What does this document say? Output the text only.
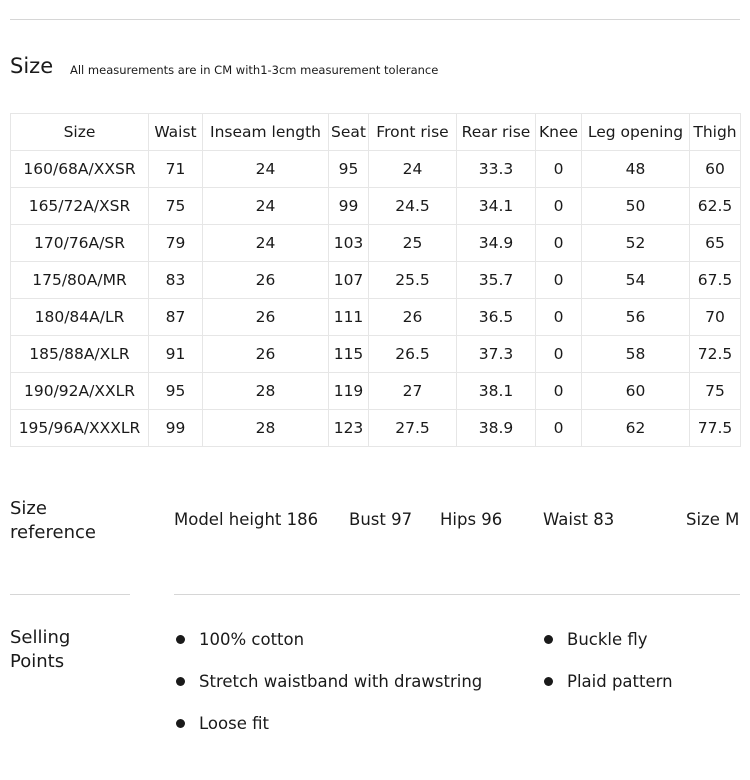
Size All measurements are in CM with1-3cm measurement tolerance
Size	Waist	Inseam length	Seat	Front rise	Rear rise	Knee	Leg opening	Thigh
160/68A/XXSR	71	24	95	24	33.3	0	48	60
165/72A/XSR	75	24	99	24.5	34.1	0	50	62.5
170/76A/SR	79	24	103	25	34.9	0	52	65
175/80A/MR	83	26	107	25.5	35.7	0	54	67.5
180/84A/LR	87	26	111	26	36.5	0	56	70
185/88A/XLR	91	26	115	26.5	37.3	0	58	72.5
190/92A/XXLR	95	28	119	27	38.1	0	60	75
195/96A/XXXLR	99	28	123	27.5	38.9	0	62	77.5
Size
reference
Model height 186 Bust 97 Hips 96 Waist 83	Size M
Selling
Points
100% cotton
Stretch waistband with drawstring
Loose fit
Buckle fly
Plaid pattern
